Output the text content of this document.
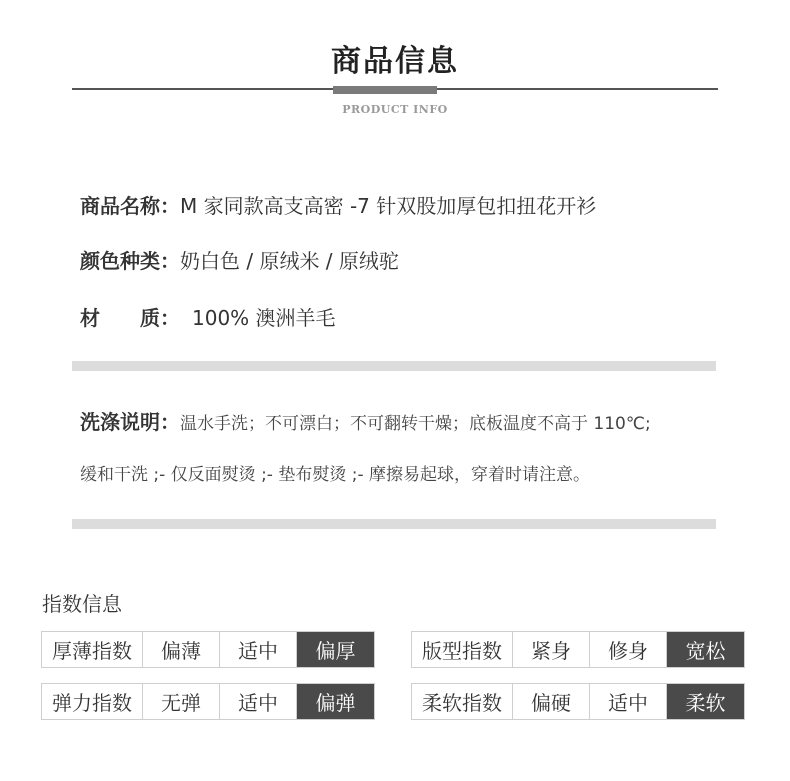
商品信息
PRODUCT INFO
商品名称：M 家同款高支高密 -7 针双股加厚包扣扭花开衫
颜色种类：奶白色 / 原绒米 / 原绒驼
材　　质： 100% 澳洲羊毛
洗涤说明：温水手洗；不可漂白；不可翻转干燥；底板温度不高于 110℃;
缓和干洗 ;- 仅反面熨烫 ;- 垫布熨烫 ;- 摩擦易起球，穿着时请注意。
指数信息
厚薄指数	偏薄	适中	偏厚	版型指数	紧身	修身	宽松
弹力指数	无弹	适中	偏弹	柔软指数	偏硬	适中	柔软
